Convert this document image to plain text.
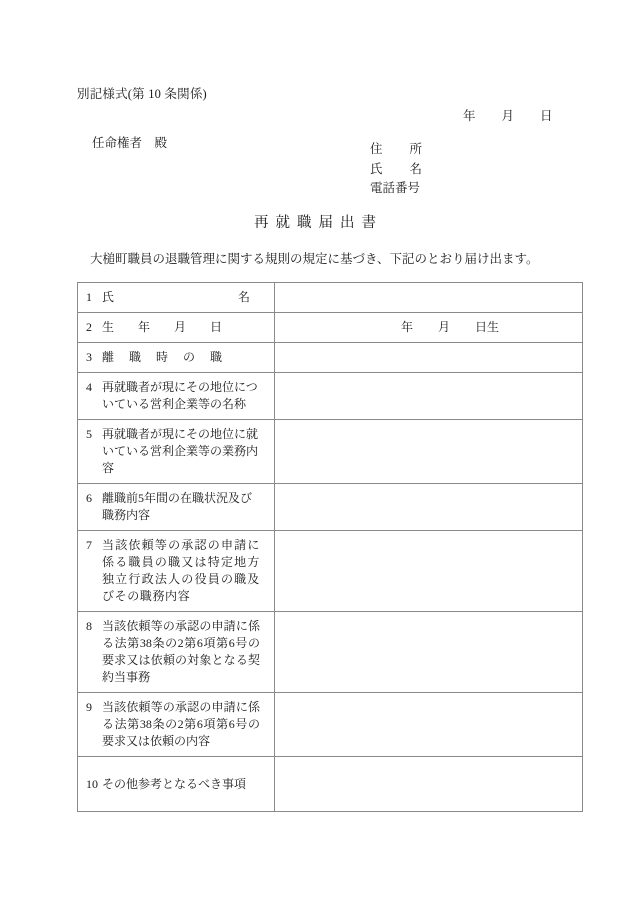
別記様式(第 10 条関係)
年 月 日
任命権者　殿	住　　所
氏　　名
電話番号
再就職届出書
大槌町職員の退職管理に関する規則の規定に基づき、下記のとおり届け出ます。
1 氏名	

2 生年月日	年 月 日生

3 離職時の職	

4 再就職者が現にその地位についている営利企業等の名称	

5 再就職者が現にその地位に就いている営利企業等の業務内容	

6 離職前5年間の在職状況及び職務内容	

7 当該依頼等の承認の申請に係る職員の職又は特定地方独立行政法人の役員の職及びその職務内容	

8 当該依頼等の承認の申請に係る法第38条の2第6項第6号の要求又は依頼の対象となる契約当事務	

9 当該依頼等の承認の申請に係る法第38条の2第6項第6号の要求又は依頼の内容	

10 その他参考となるべき事項	
